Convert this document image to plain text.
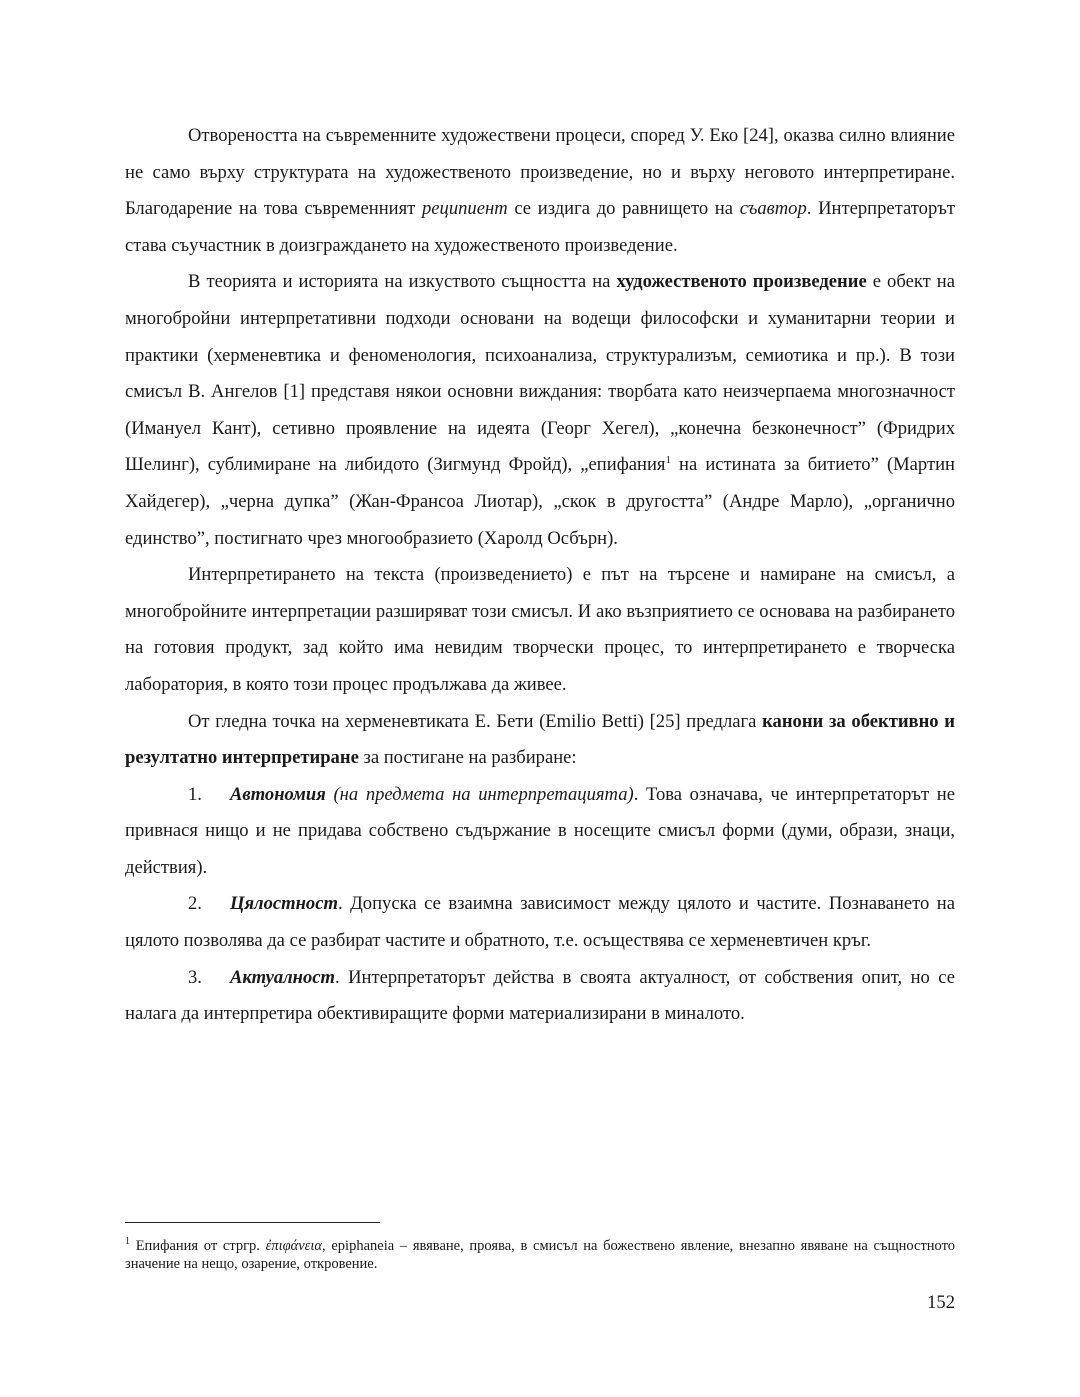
Отвореността на съвременните художествени процеси, според У. Еко [24], оказва силно влияние не само върху структурата на художественото произведение, но и върху неговото интерпретиране. Благодарение на това съвременният реципиент се издига до равнището на съавтор. Интерпретаторът става съучастник в доизграждането на художественото произведение.

В теорията и историята на изкуството същността на художественото произведение е обект на многобройни интерпретативни подходи основани на водещи философски и хуманитарни теории и практики (херменевтика и феноменология, психоанализа, структурализъм, семиотика и пр.). В този смисъл В. Ангелов [1] представя някои основни виждания: творбата като неизчерпаема многозначност (Имануел Кант), сетивно проявление на идеята (Георг Хегел), „конечна безконечност” (Фридрих Шелинг), сублимиране на либидото (Зигмунд Фройд), „епифания$^1$ на истината за битието” (Мартин Хайдегер), „черна дупка” (Жан-Франсоа Лиотар), „скок в другостта” (Андре Марло), „органично единство”, постигнато чрез многообразието (Харолд Осбърн).

Интерпретирането на текста (произведението) е път на търсене и намиране на смисъл, а многобройните интерпретации разширяват този смисъл. И ако възприятието се основава на разбирането на готовия продукт, зад който има невидим творчески процес, то интерпретирането е творческа лаборатория, в която този процес продължава да живее.

От гледна точка на херменевтиката Е. Бети (Emilio Betti) [25] предлага канони за обективно и резултатно интерпретиране за постигане на разбиране:

1. Автономия (на предмета на интерпретацията). Това означава, че интерпретаторът не привнася нищо и не придава собствено съдържание в носещите смисъл форми (думи, образи, знаци, действия).

2. Цялостност. Допуска се взаимна зависимост между цялото и частите. Познаването на цялото позволява да се разбират частите и обратното, т.е. осъществява се херменевтичен кръг.

3. Актуалност. Интерпретаторът действа в своята актуалност, от собствения опит, но се налага да интерпретира обективиращите форми материализирани в миналото.

$^1$ Епифания от стргр. ἐπιφάνεια, epiphaneia – явяване, проява, в смисъл на божествено явление, внезапно явяване на същностното значение на нещо, озарение, откровение.
152
